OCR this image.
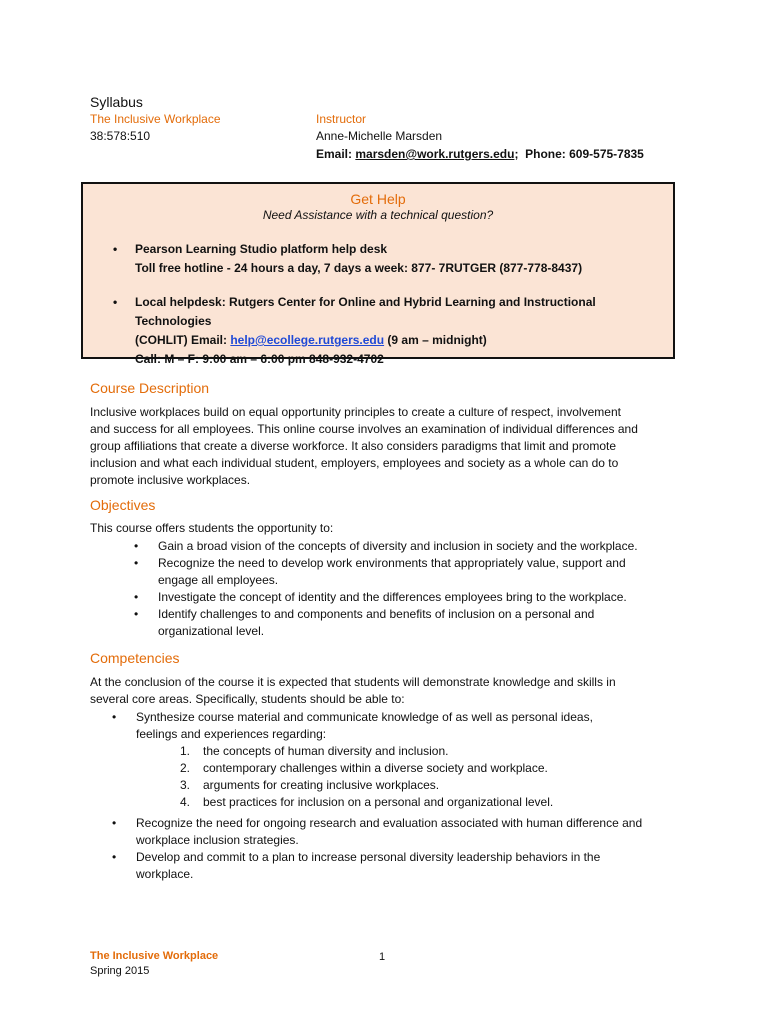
Syllabus
The Inclusive Workplace
38:578:510
Instructor
Anne-Michelle Marsden
Email: marsden@work.rutgers.edu; Phone: 609-575-7835
Get Help
Need Assistance with a technical question?
• Pearson Learning Studio platform help desk
Toll free hotline - 24 hours a day, 7 days a week: 877- 7RUTGER (877-778-8437)
• Local helpdesk: Rutgers Center for Online and Hybrid Learning and Instructional Technologies
(COHLIT) Email: help@ecollege.rutgers.edu (9 am – midnight)
Call: M – F: 9:00 am – 6:00 pm 848-932-4702
Course Description
Inclusive workplaces build on equal opportunity principles to create a culture of respect, involvement
and success for all employees. This online course involves an examination of individual differences and
group affiliations that create a diverse workforce. It also considers paradigms that limit and promote
inclusion and what each individual student, employers, employees and society as a whole can do to
promote inclusive workplaces.
Objectives
This course offers students the opportunity to:
• Gain a broad vision of the concepts of diversity and inclusion in society and the workplace.
• Recognize the need to develop work environments that appropriately value, support and engage all employees.
• Investigate the concept of identity and the differences employees bring to the workplace.
• Identify challenges to and components and benefits of inclusion on a personal and organizational level.
Competencies
At the conclusion of the course it is expected that students will demonstrate knowledge and skills in
several core areas. Specifically, students should be able to:
• Synthesize course material and communicate knowledge of as well as personal ideas, feelings and experiences regarding:
1. the concepts of human diversity and inclusion.
2. contemporary challenges within a diverse society and workplace.
3. arguments for creating inclusive workplaces.
4. best practices for inclusion on a personal and organizational level.
• Recognize the need for ongoing research and evaluation associated with human difference and workplace inclusion strategies.
• Develop and commit to a plan to increase personal diversity leadership behaviors in the workplace.
The Inclusive Workplace
Spring 2015
1
